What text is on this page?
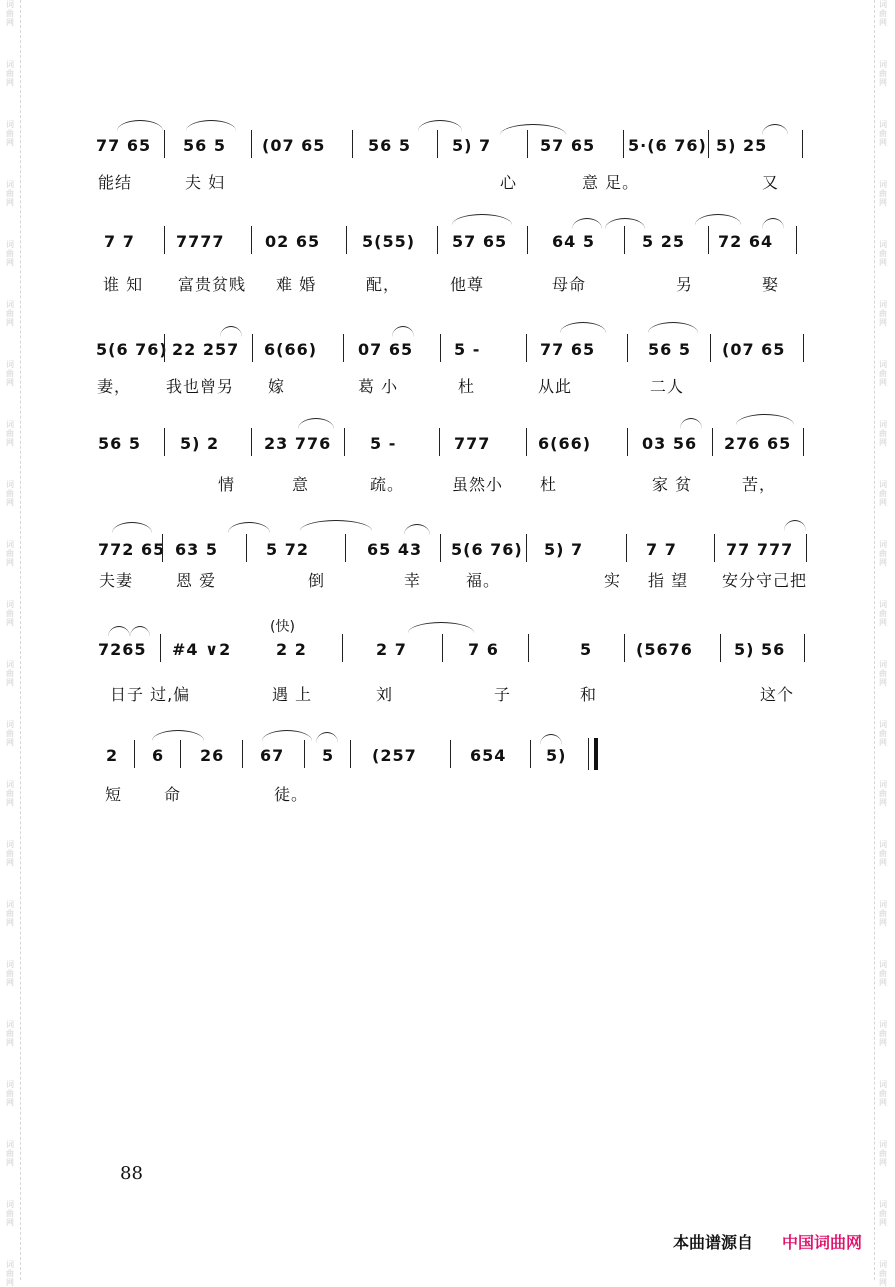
词
曲
网
词
曲
网
词
曲
网
词
曲
网
词
曲
网
词
曲
网
词
曲
网
词
曲
网
词
曲
网
词
曲
网
词
曲
网
词
曲
网
词
曲
网
词
曲
网
词
曲
网
词
曲
网
词
曲
网
词
曲
网
词
曲
网
词
曲
网
词
曲
网
词
曲
网
词
曲
网
词
曲
网
词
曲
网
词
曲
网
词
曲
网
词
曲
网
词
曲
网
词
曲
网
词
曲
网
词
曲
网
词
曲
网
词
曲
网
词
曲
网
词
曲
网
词
曲
网
词
曲
网
词
曲
网
词
曲
网
词
曲
网
词
曲
网
词
曲
网
词
曲
网
77 65 56 5 (07 65	56 5	5) 7	57 65 5·(6 76) 5) 25
能结	夫 妇	心	意 足。	又
7 7	7777	02 65	5(55) 57 65	64 5	5 25 72 64
谁 知 富贵贫贱 难 婚	配，	他尊	母命	另	娶
5(6 76) 22 257 6(66)	07 65	5 -	77 65	56 5 (07 65
妻， 我也曾另 嫁	葛 小	杜	从此	二人
56 5 5) 2	23 776 5 -	777	6(66)	03 56 276 65
情	意	疏。	虽然小 杜	家 贫	苦，
772 65 63 5	5 72	65 43 5(6 76) 5) 7	7 7	77 777
夫妻	恩 爱	倒	幸	福。	实 指 望 安分守己把
(快)
7265 #4 ∨2	2 2	2 7	7 6	5	(5676	5) 56
日子 过,偏	遇 上	刘	子	和	这个
2 6 26 67 5 (257	654 5)
短	命	徒。
88
本曲谱源自 中国词曲网
